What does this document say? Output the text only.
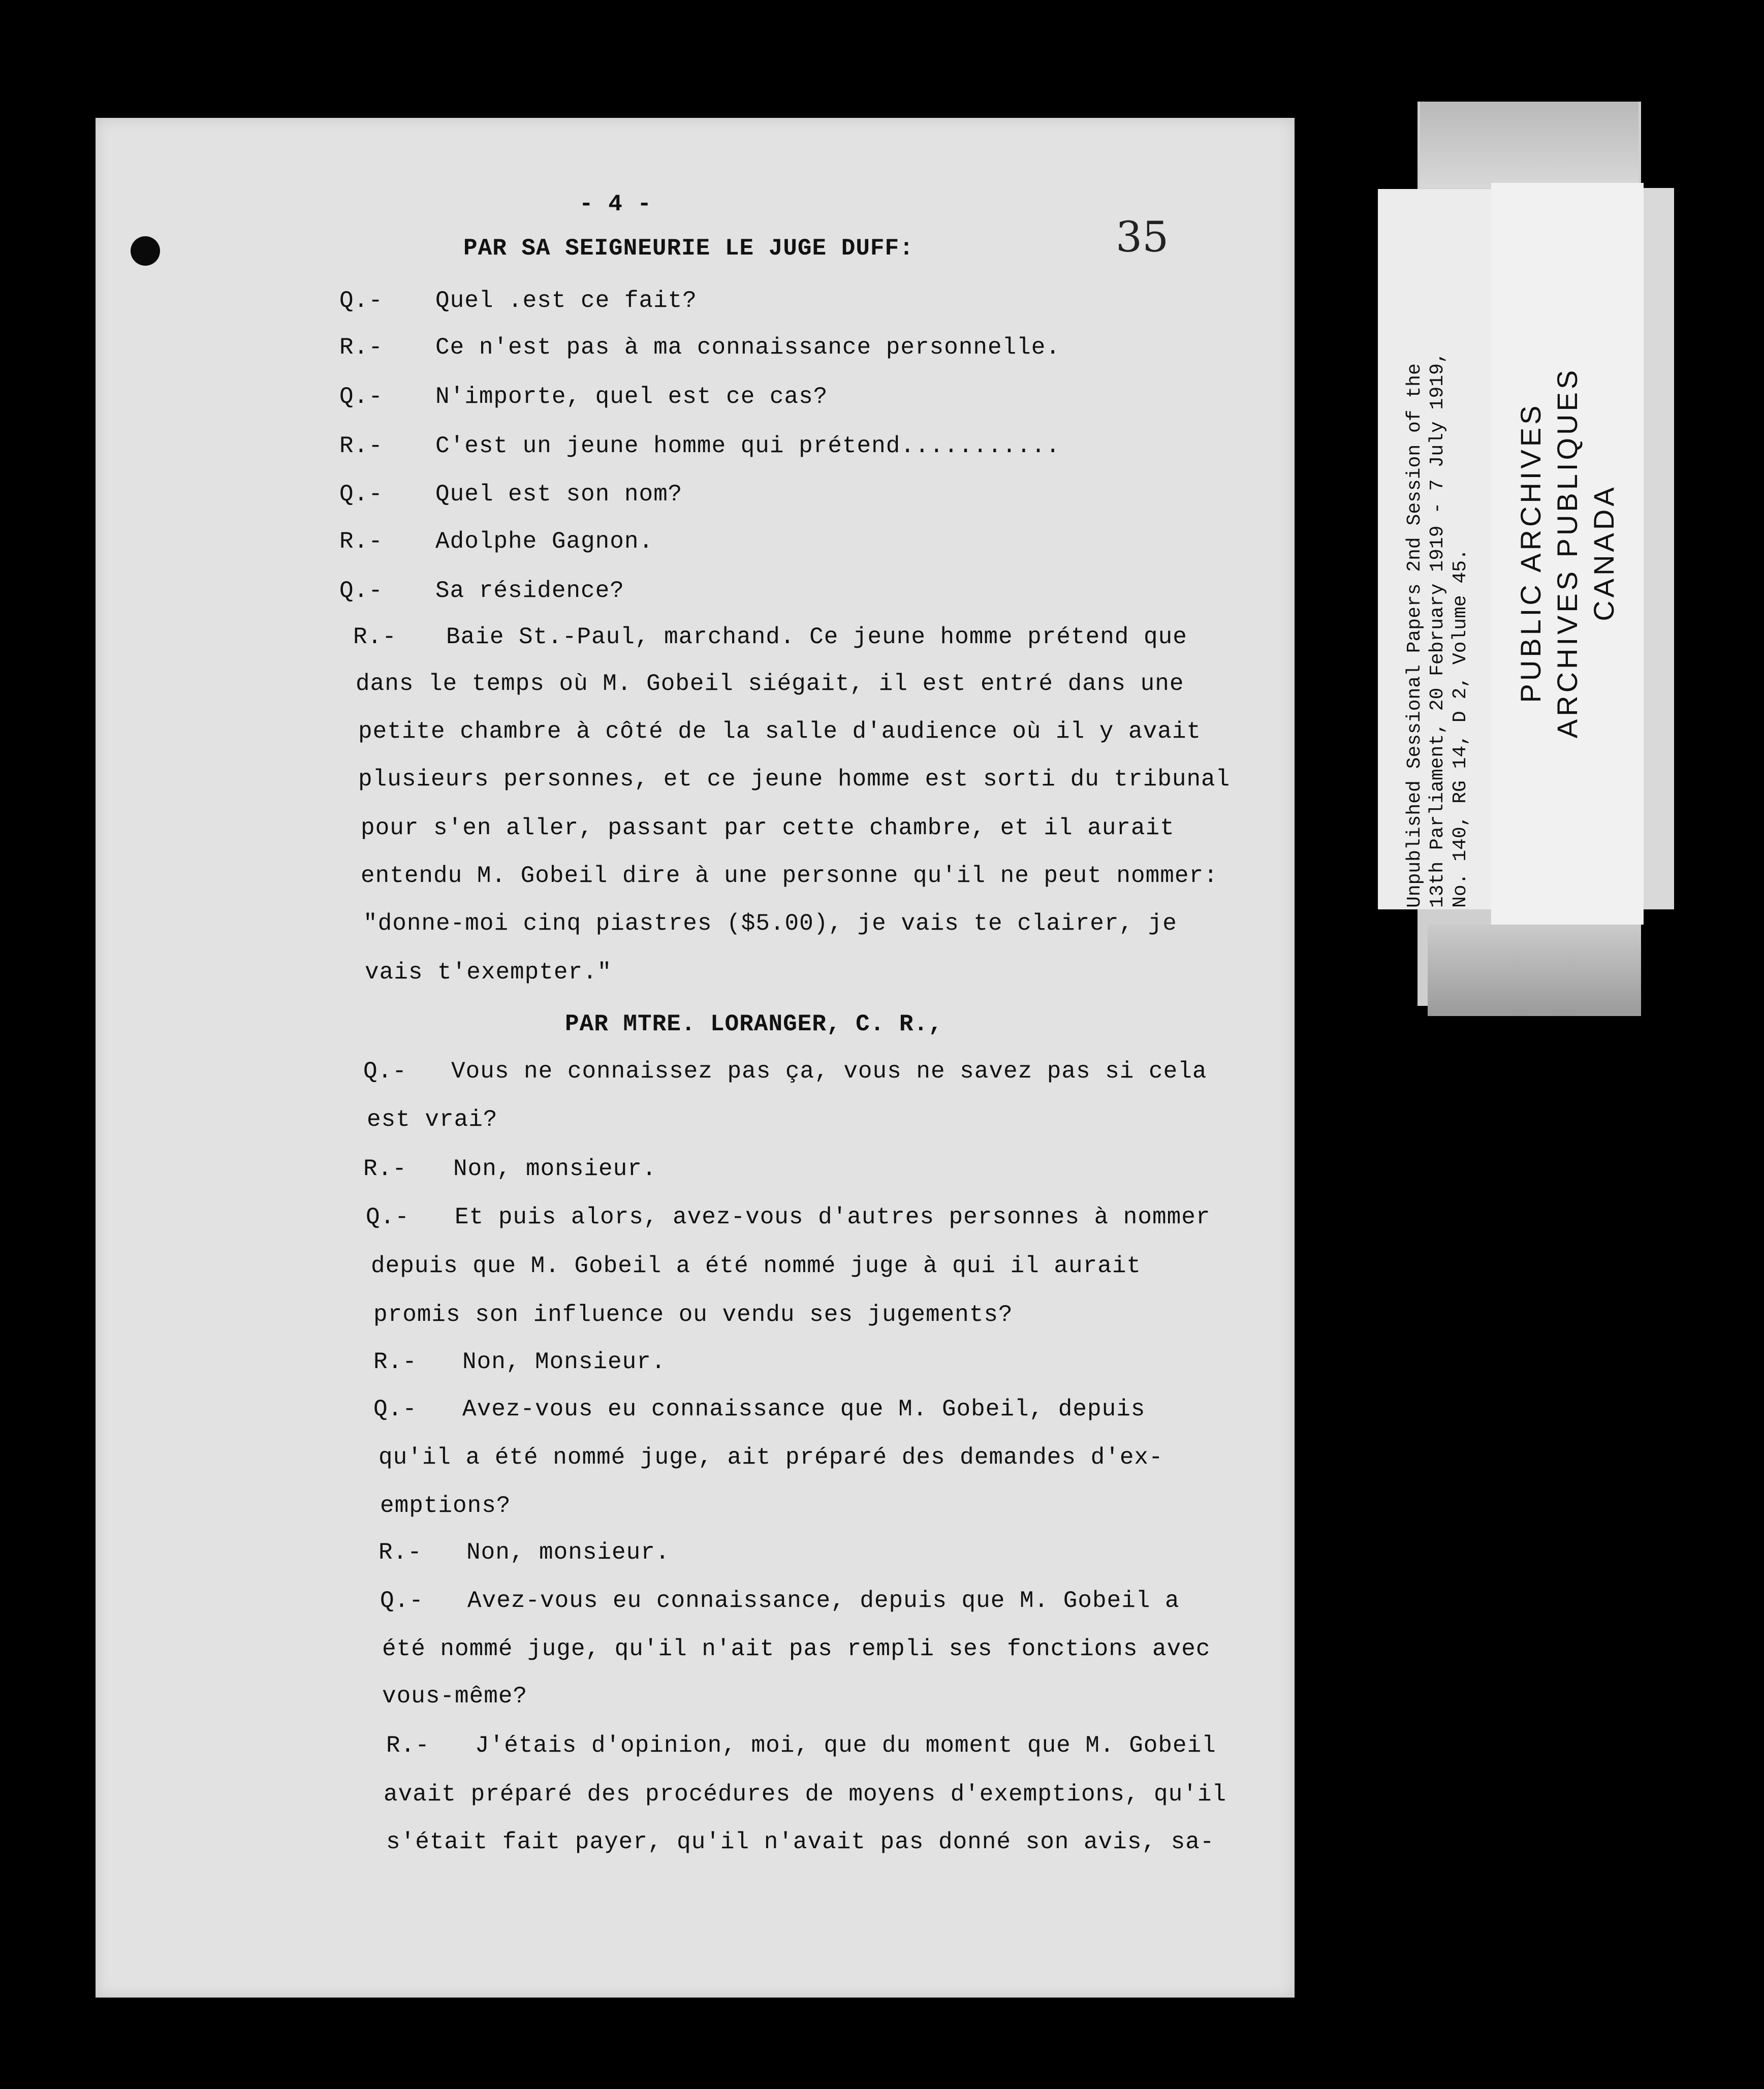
- 4 -
35
PAR SA SEIGNEURIE LE JUGE DUFF:
PAR MTRE. LORANGER, C. R.,
Q.- Quel .est ce fait?
R.- Ce n'est pas à ma connaissance personnelle.
Q.- N'importe, quel est ce cas?
R.- C'est un jeune homme qui prétend...........
Q.- Quel est son nom?
R.- Adolphe Gagnon.
Q.- Sa résidence?
R.- Baie St.-Paul, marchand. Ce jeune homme prétend que
dans le temps où M. Gobeil siégait, il est entré dans une
petite chambre à côté de la salle d'audience où il y avait
plusieurs personnes, et ce jeune homme est sorti du tribunal
pour s'en aller, passant par cette chambre, et il aurait
entendu M. Gobeil dire à une personne qu'il ne peut nommer:
"donne-moi cinq piastres ($5.00), je vais te clairer, je
vais t'exempter."
Q.- Vous ne connaissez pas ça, vous ne savez pas si cela
est vrai?
R.- Non, monsieur.
Q.- Et puis alors, avez-vous d'autres personnes à nommer
depuis que M. Gobeil a été nommé juge à qui il aurait
promis son influence ou vendu ses jugements?
R.- Non, Monsieur.
Q.- Avez-vous eu connaissance que M. Gobeil, depuis
qu'il a été nommé juge, ait préparé des demandes d'ex-
emptions?
R.- Non, monsieur.
Q.- Avez-vous eu connaissance, depuis que M. Gobeil a
été nommé juge, qu'il n'ait pas rempli ses fonctions avec
vous-même?
R.- J'étais d'opinion, moi, que du moment que M. Gobeil
avait préparé des procédures de moyens d'exemptions, qu'il
s'était fait payer, qu'il n'avait pas donné son avis, sa-
Unpublished Sessional Papers 2nd Session of the 13th Parliament, 20 February 1919 - 7 July 1919, No. 140, RG 14, D 2, Volume 45. PUBLIC ARCHIVES ARCHIVES PUBLIQUES CANADA
